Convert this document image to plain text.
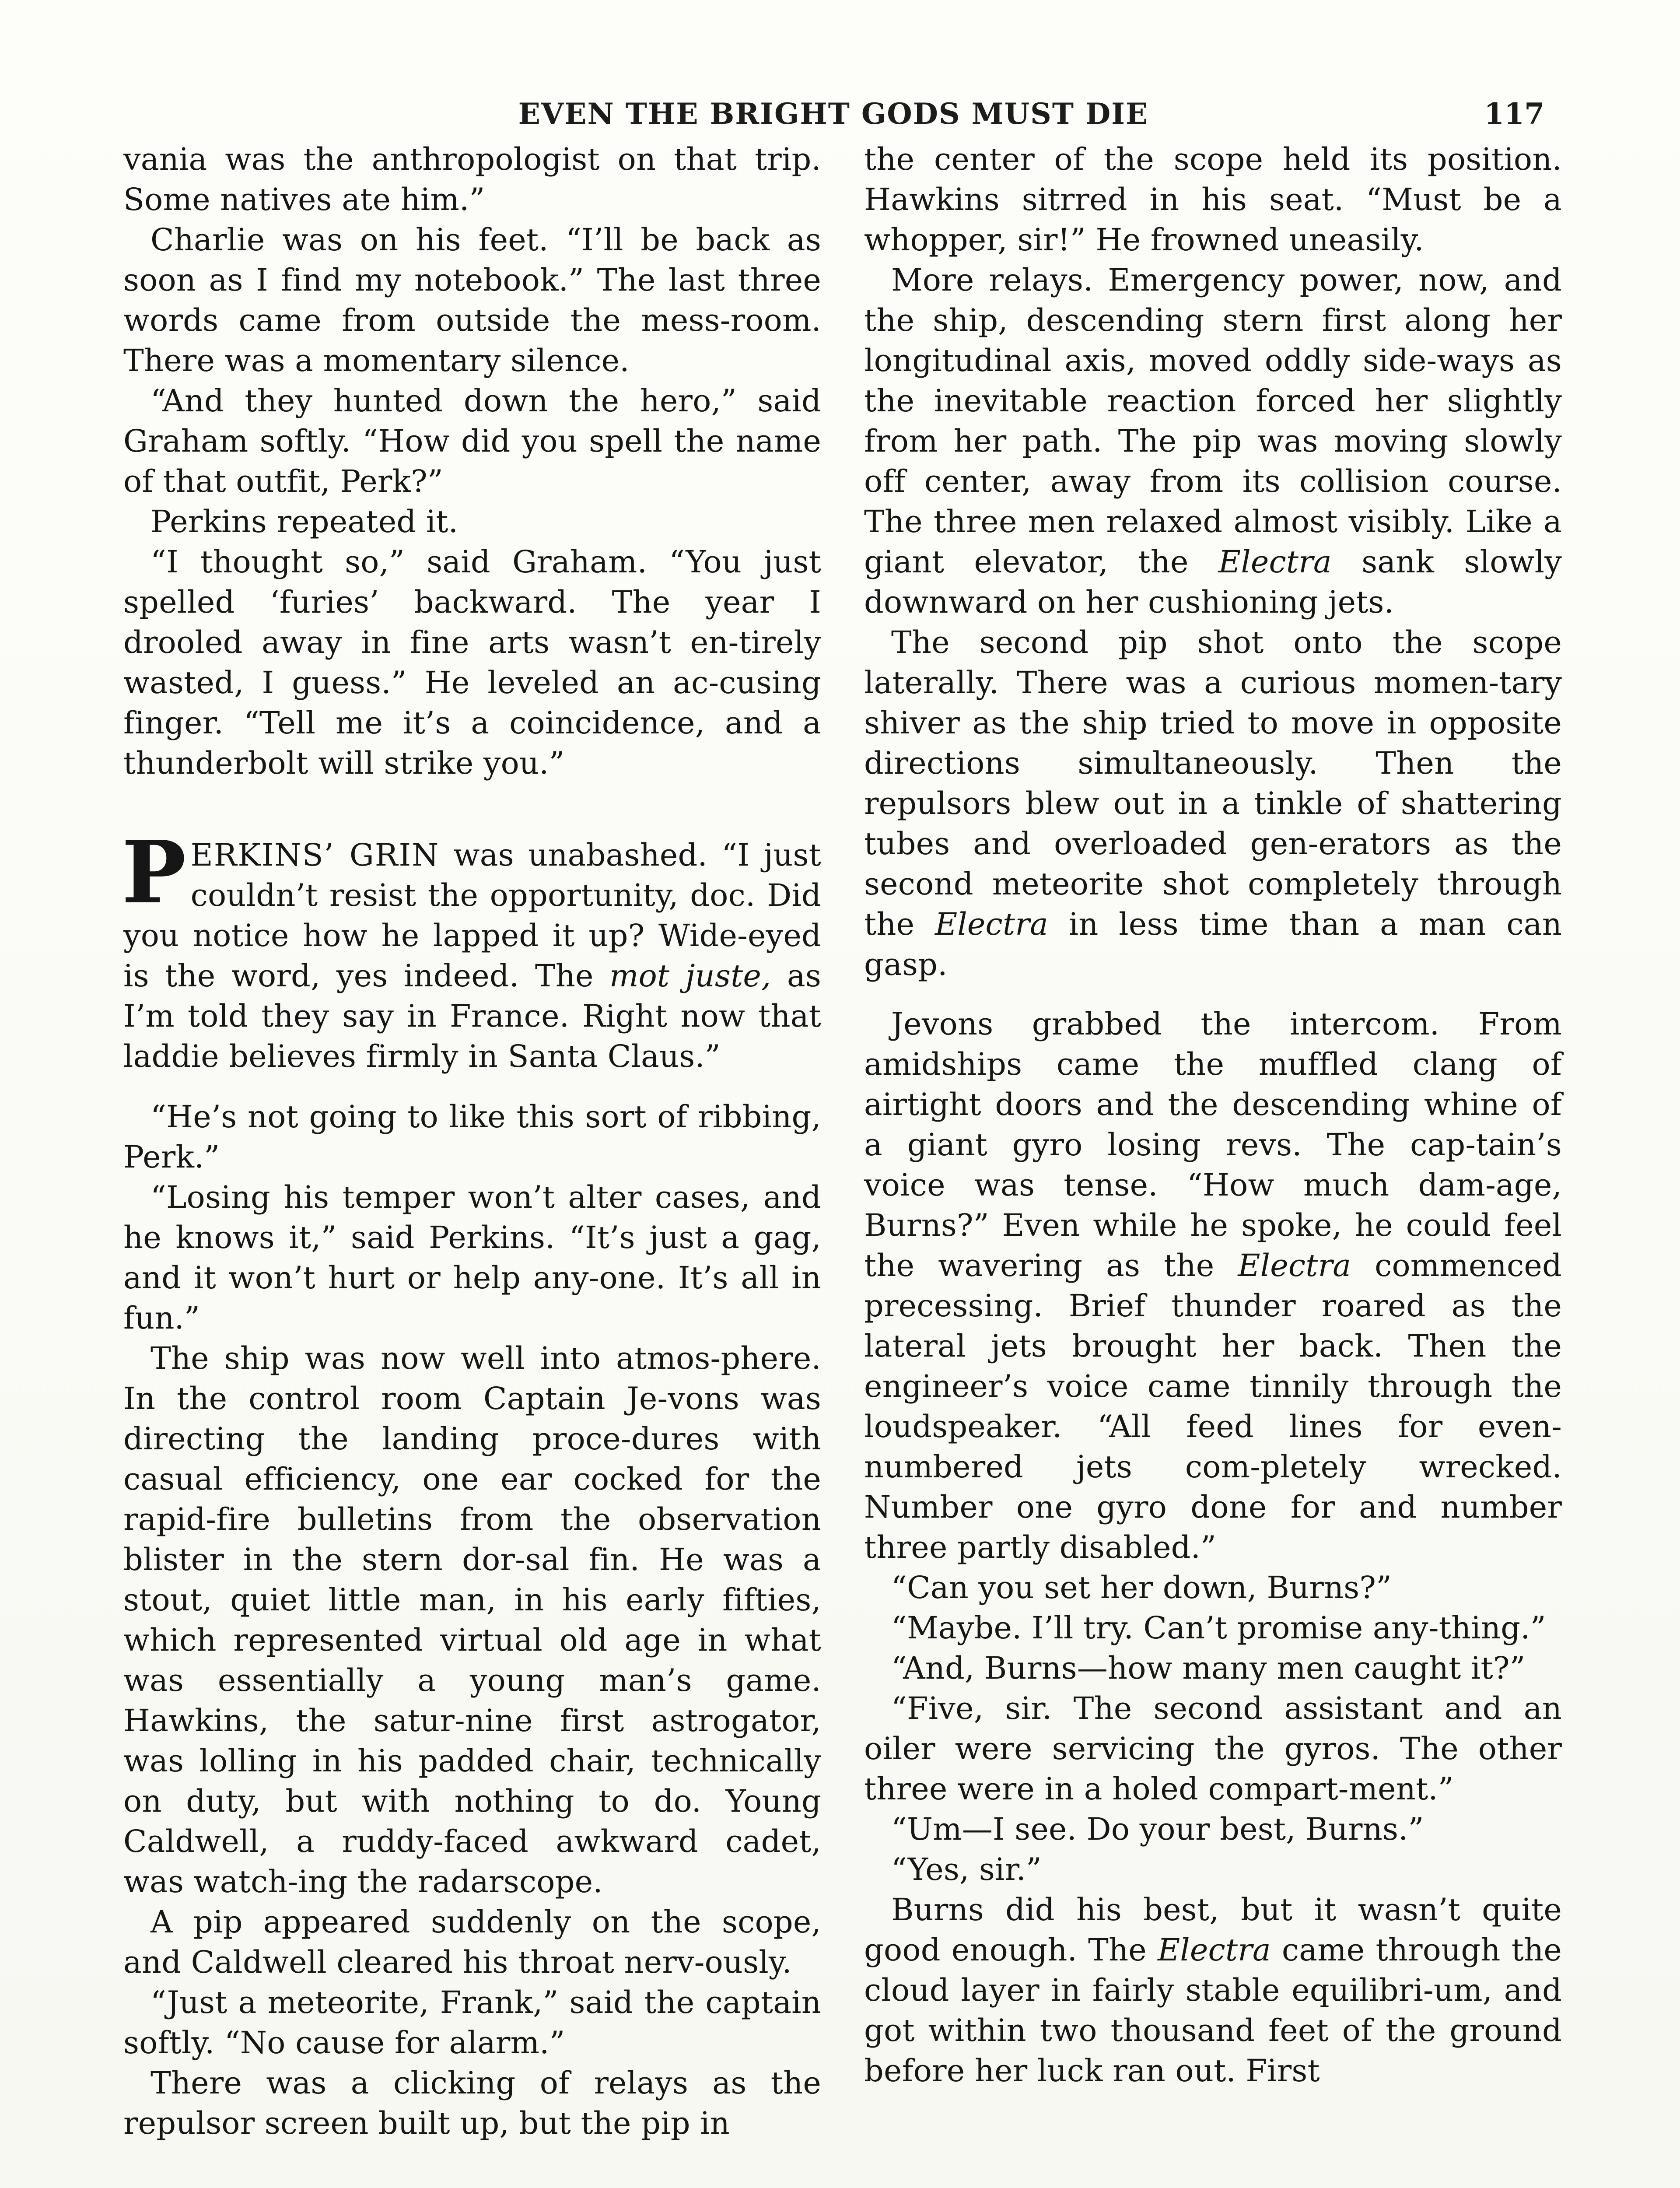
EVEN THE BRIGHT GODS MUST DIE	117

vania was the anthropologist on that trip. Some natives ate him.”

Charlie was on his feet. “I’ll be back as soon as I find my notebook.” The last three words came from outside the mess-room. There was a momentary silence.

“And they hunted down the hero,” said Graham softly. “How did you spell the name of that outfit, Perk?”

Perkins repeated it.

“I thought so,” said Graham. “You just spelled ‘furies’ backward. The year I drooled away in fine arts wasn’t en-tirely wasted, I guess.” He leveled an ac-cusing finger. “Tell me it’s a coincidence, and a thunderbolt will strike you.”

PERKINS’ GRIN was unabashed. “I just couldn’t resist the opportunity, doc. Did you notice how he lapped it up? Wide-eyed is the word, yes indeed. The mot juste, as I’m told they say in France. Right now that laddie believes firmly in Santa Claus.”

“He’s not going to like this sort of ribbing, Perk.”

“Losing his temper won’t alter cases, and he knows it,” said Perkins. “It’s just a gag, and it won’t hurt or help any-one. It’s all in fun.”

The ship was now well into atmos-phere. In the control room Captain Je-vons was directing the landing proce-dures with casual efficiency, one ear cocked for the rapid-fire bulletins from the observation blister in the stern dor-sal fin. He was a stout, quiet little man, in his early fifties, which represented virtual old age in what was essentially a young man’s game. Hawkins, the satur-nine first astrogator, was lolling in his padded chair, technically on duty, but with nothing to do. Young Caldwell, a ruddy-faced awkward cadet, was watch-ing the radarscope.

A pip appeared suddenly on the scope, and Caldwell cleared his throat nerv-ously.

“Just a meteorite, Frank,” said the captain softly. “No cause for alarm.”

There was a clicking of relays as the repulsor screen built up, but the pip in

the center of the scope held its position. Hawkins sitrred in his seat. “Must be a whopper, sir!” He frowned uneasily.

More relays. Emergency power, now, and the ship, descending stern first along her longitudinal axis, moved oddly side-ways as the inevitable reaction forced her slightly from her path. The pip was moving slowly off center, away from its collision course. The three men relaxed almost visibly. Like a giant elevator, the Electra sank slowly downward on her cushioning jets.

The second pip shot onto the scope laterally. There was a curious momen-tary shiver as the ship tried to move in opposite directions simultaneously. Then the repulsors blew out in a tinkle of shattering tubes and overloaded gen-erators as the second meteorite shot completely through the Electra in less time than a man can gasp.

Jevons grabbed the intercom. From amidships came the muffled clang of airtight doors and the descending whine of a giant gyro losing revs. The cap-tain’s voice was tense. “How much dam-age, Burns?” Even while he spoke, he could feel the wavering as the Electra commenced precessing. Brief thunder roared as the lateral jets brought her back. Then the engineer’s voice came tinnily through the loudspeaker. “All feed lines for even-numbered jets com-pletely wrecked. Number one gyro done for and number three partly disabled.”

“Can you set her down, Burns?”

“Maybe. I’ll try. Can’t promise any-thing.”

“And, Burns—how many men caught it?”

“Five, sir. The second assistant and an oiler were servicing the gyros. The other three were in a holed compart-ment.”

“Um—I see. Do your best, Burns.”

“Yes, sir.”

Burns did his best, but it wasn’t quite good enough. The Electra came through the cloud layer in fairly stable equilibri-um, and got within two thousand feet of the ground before her luck ran out. First
